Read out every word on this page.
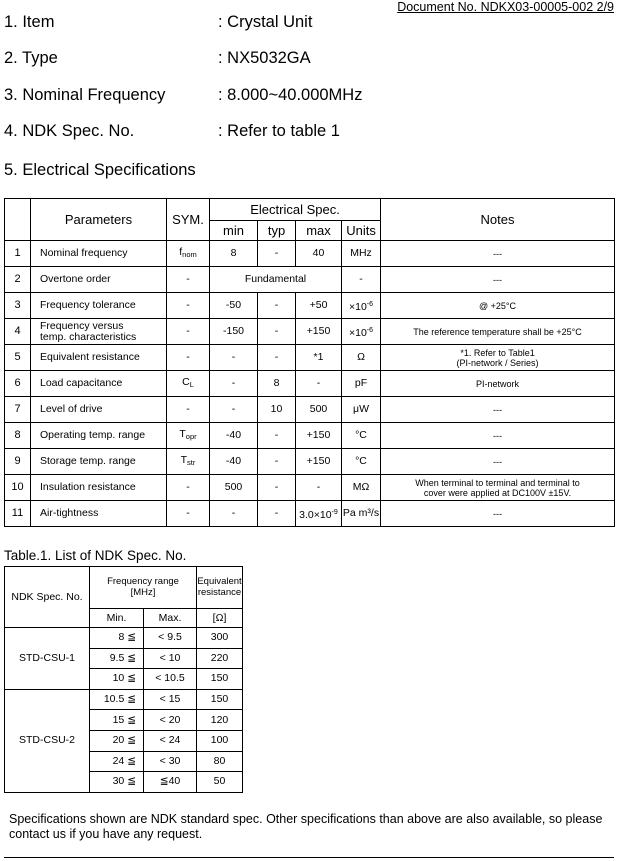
Document No. NDKX03-00005-002 2/9
1. Item	: Crystal Unit
2. Type	: NX5032GA
3. Nominal Frequency	: 8.000~40.000MHz
4. NDK Spec. No.	: Refer to table 1
5. Electrical Specifications
	Parameters	SYM.	Electrical Spec.				Notes
			min	typ	max	Units	
1	Nominal frequency	$f_{nom}$	8	-	40	MHz	---
2	Overtone order	-	Fundamental			-	---
3	Frequency tolerance	-	-50	-	+50	$\times 10^{-6}$	@ +25°C
4	Frequency versus
temp. characteristics	-	-150	-	+150	$\times 10^{-6}$	The reference temperature shall be +25°C
5	Equivalent resistance	-	-	-	*1	Ω	*1. Refer to Table1
(PI-network / Series)
6	Load capacitance	$C_L$	-	8	-	pF	PI-network
7	Level of drive	-	-	10	500	μW	---
8	Operating temp. range	$T_{opr}$	-40	-	+150	°C	---
9	Storage temp. range	$T_{str}$	-40	-	+150	°C	---
10	Insulation resistance	-	500	-	-	MΩ	When terminal to terminal and terminal to
cover were applied at DC100V ±15V.
11	Air-tightness	-	-	-	$3.0\times 10^{-9}$	Pa m³/s	---
Table.1. List of NDK Spec. No.
NDK Spec. No.	Frequency range
[MHz]		Equivalent
resistance
	Min.	Max.	[Ω]
STD-CSU-1	8 ≦	< 9.5	300
	9.5 ≦	< 10	220
	10 ≦	< 10.5	150
STD-CSU-2	10.5 ≦	< 15	150
	15 ≦	< 20	120
	20 ≦	< 24	100
	24 ≦	< 30	80
	30 ≦	≦40	50
Specifications shown are NDK standard spec. Other specifications than above are also available, so please contact us if you have any request.
